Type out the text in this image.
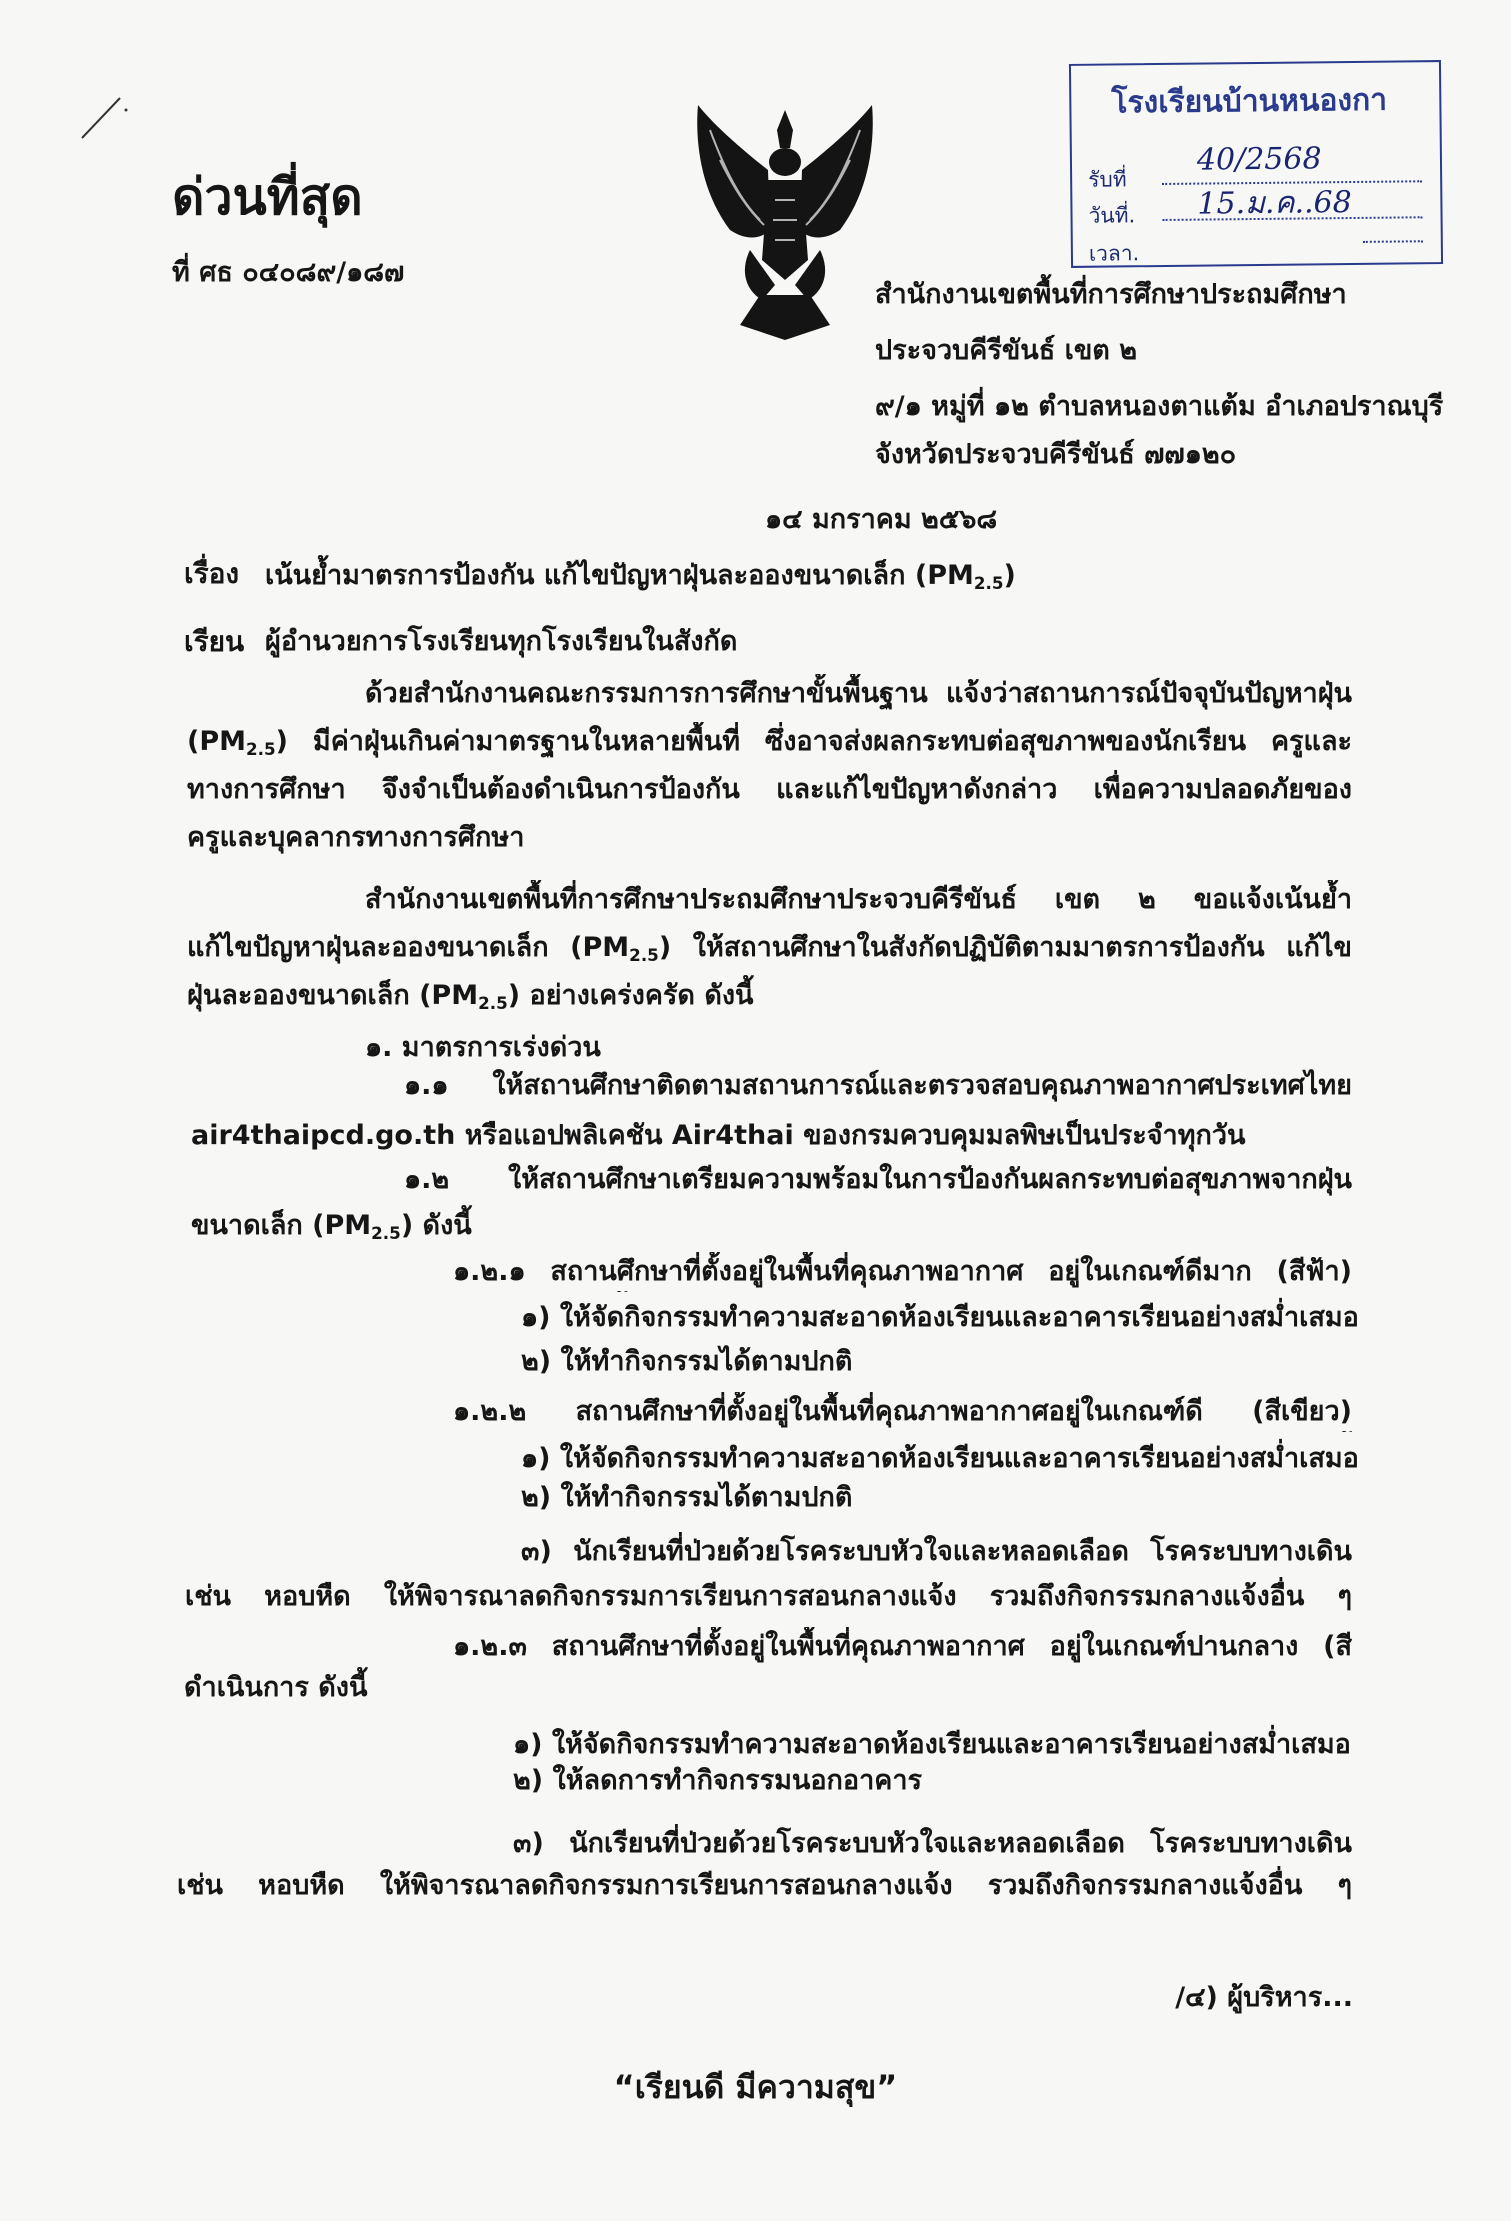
ด่วนที่สุด
ที่ ศธ ๐๔๐๘๙/๑๘๗
โรงเรียนบ้านหนองกา
รับที่
40/2568
วันที่. 15.ม.ค..68
เวลา.
สำนักงานเขตพื้นที่การศึกษาประถมศึกษา
ประจวบคีรีขันธ์ เขต ๒
๙/๑ หมู่ที่ ๑๒ ตำบลหนองตาแต้ม อำเภอปราณบุรี
จังหวัดประจวบคีรีขันธ์ ๗๗๑๒๐
๑๔ มกราคม ๒๕๖๘
เรื่อง เน้นย้ำมาตรการป้องกัน แก้ไขปัญหาฝุ่นละอองขนาดเล็ก $(PM_{2.5})$
เรียน ผู้อำนวยการโรงเรียนทุกโรงเรียนในสังกัด
ด้วยสำนักงานคณะกรรมการการศึกษาขั้นพื้นฐาน แจ้งว่าสถานการณ์ปัจจุบันปัญหาฝุ่น
$(PM_{2.5})$ มีค่าฝุ่นเกินค่ามาตรฐานในหลายพื้นที่ ซึ่งอาจส่งผลกระทบต่อสุขภาพของนักเรียน ครูและ
ทางการศึกษา จึงจำเป็นต้องดำเนินการป้องกัน และแก้ไขปัญหาดังกล่าว เพื่อความปลอดภัยของ
ครูและบุคลากรทางการศึกษา
สำนักงานเขตพื้นที่การศึกษาประถมศึกษาประจวบคีรีขันธ์ เขต ๒ ขอแจ้งเน้นย้ำ
แก้ไขปัญหาฝุ่นละอองขนาดเล็ก $(PM_{2.5})$ ให้สถานศึกษาในสังกัดปฏิบัติตามมาตรการป้องกัน แก้ไข
ฝุ่นละอองขนาดเล็ก $(PM_{2.5})$ อย่างเคร่งครัด ดังนี้
๑. มาตรการเร่งด่วน
๑.๑ ให้สถานศึกษาติดตามสถานการณ์และตรวจสอบคุณภาพอากาศประเทศไทย
air4thaipcd.go.th หรือแอปพลิเคชัน Air4thai ของกรมควบคุมมลพิษเป็นประจำทุกวัน
๑.๒ ให้สถานศึกษาเตรียมความพร้อมในการป้องกันผลกระทบต่อสุขภาพจากฝุ่น
ขนาดเล็ก $(PM_{2.5})$ ดังนี้
๑.๒.๑ สถานศึกษาที่ตั้งอยู่ในพื้นที่คุณภาพอากาศ อยู่ในเกณฑ์ดีมาก (สีฟ้า)
๑) ให้จัดกิจกรรมทำความสะอาดห้องเรียนและอาคารเรียนอย่างสม่ำเสมอ
๒) ให้ทำกิจกรรมได้ตามปกติ
๑.๒.๒ สถานศึกษาที่ตั้งอยู่ในพื้นที่คุณภาพอากาศอยู่ในเกณฑ์ดี (สีเขียว)
๑) ให้จัดกิจกรรมทำความสะอาดห้องเรียนและอาคารเรียนอย่างสม่ำเสมอ
๒) ให้ทำกิจกรรมได้ตามปกติ
๓) นักเรียนที่ป่วยด้วยโรคระบบหัวใจและหลอดเลือด โรคระบบทางเดิน
เช่น หอบหืด ให้พิจารณาลดกิจกรรมการเรียนการสอนกลางแจ้ง รวมถึงกิจกรรมกลางแจ้งอื่น ๆ
๑.๒.๓ สถานศึกษาที่ตั้งอยู่ในพื้นที่คุณภาพอากาศ อยู่ในเกณฑ์ปานกลาง (สี
ดำเนินการ ดังนี้
๑) ให้จัดกิจกรรมทำความสะอาดห้องเรียนและอาคารเรียนอย่างสม่ำเสมอ
๒) ให้ลดการทำกิจกรรมนอกอาคาร
๓) นักเรียนที่ป่วยด้วยโรคระบบหัวใจและหลอดเลือด โรคระบบทางเดิน
เช่น หอบหืด ให้พิจารณาลดกิจกรรมการเรียนการสอนกลางแจ้ง รวมถึงกิจกรรมกลางแจ้งอื่น ๆ
/๔) ผู้บริหาร...
“เรียนดี มีความสุข”
